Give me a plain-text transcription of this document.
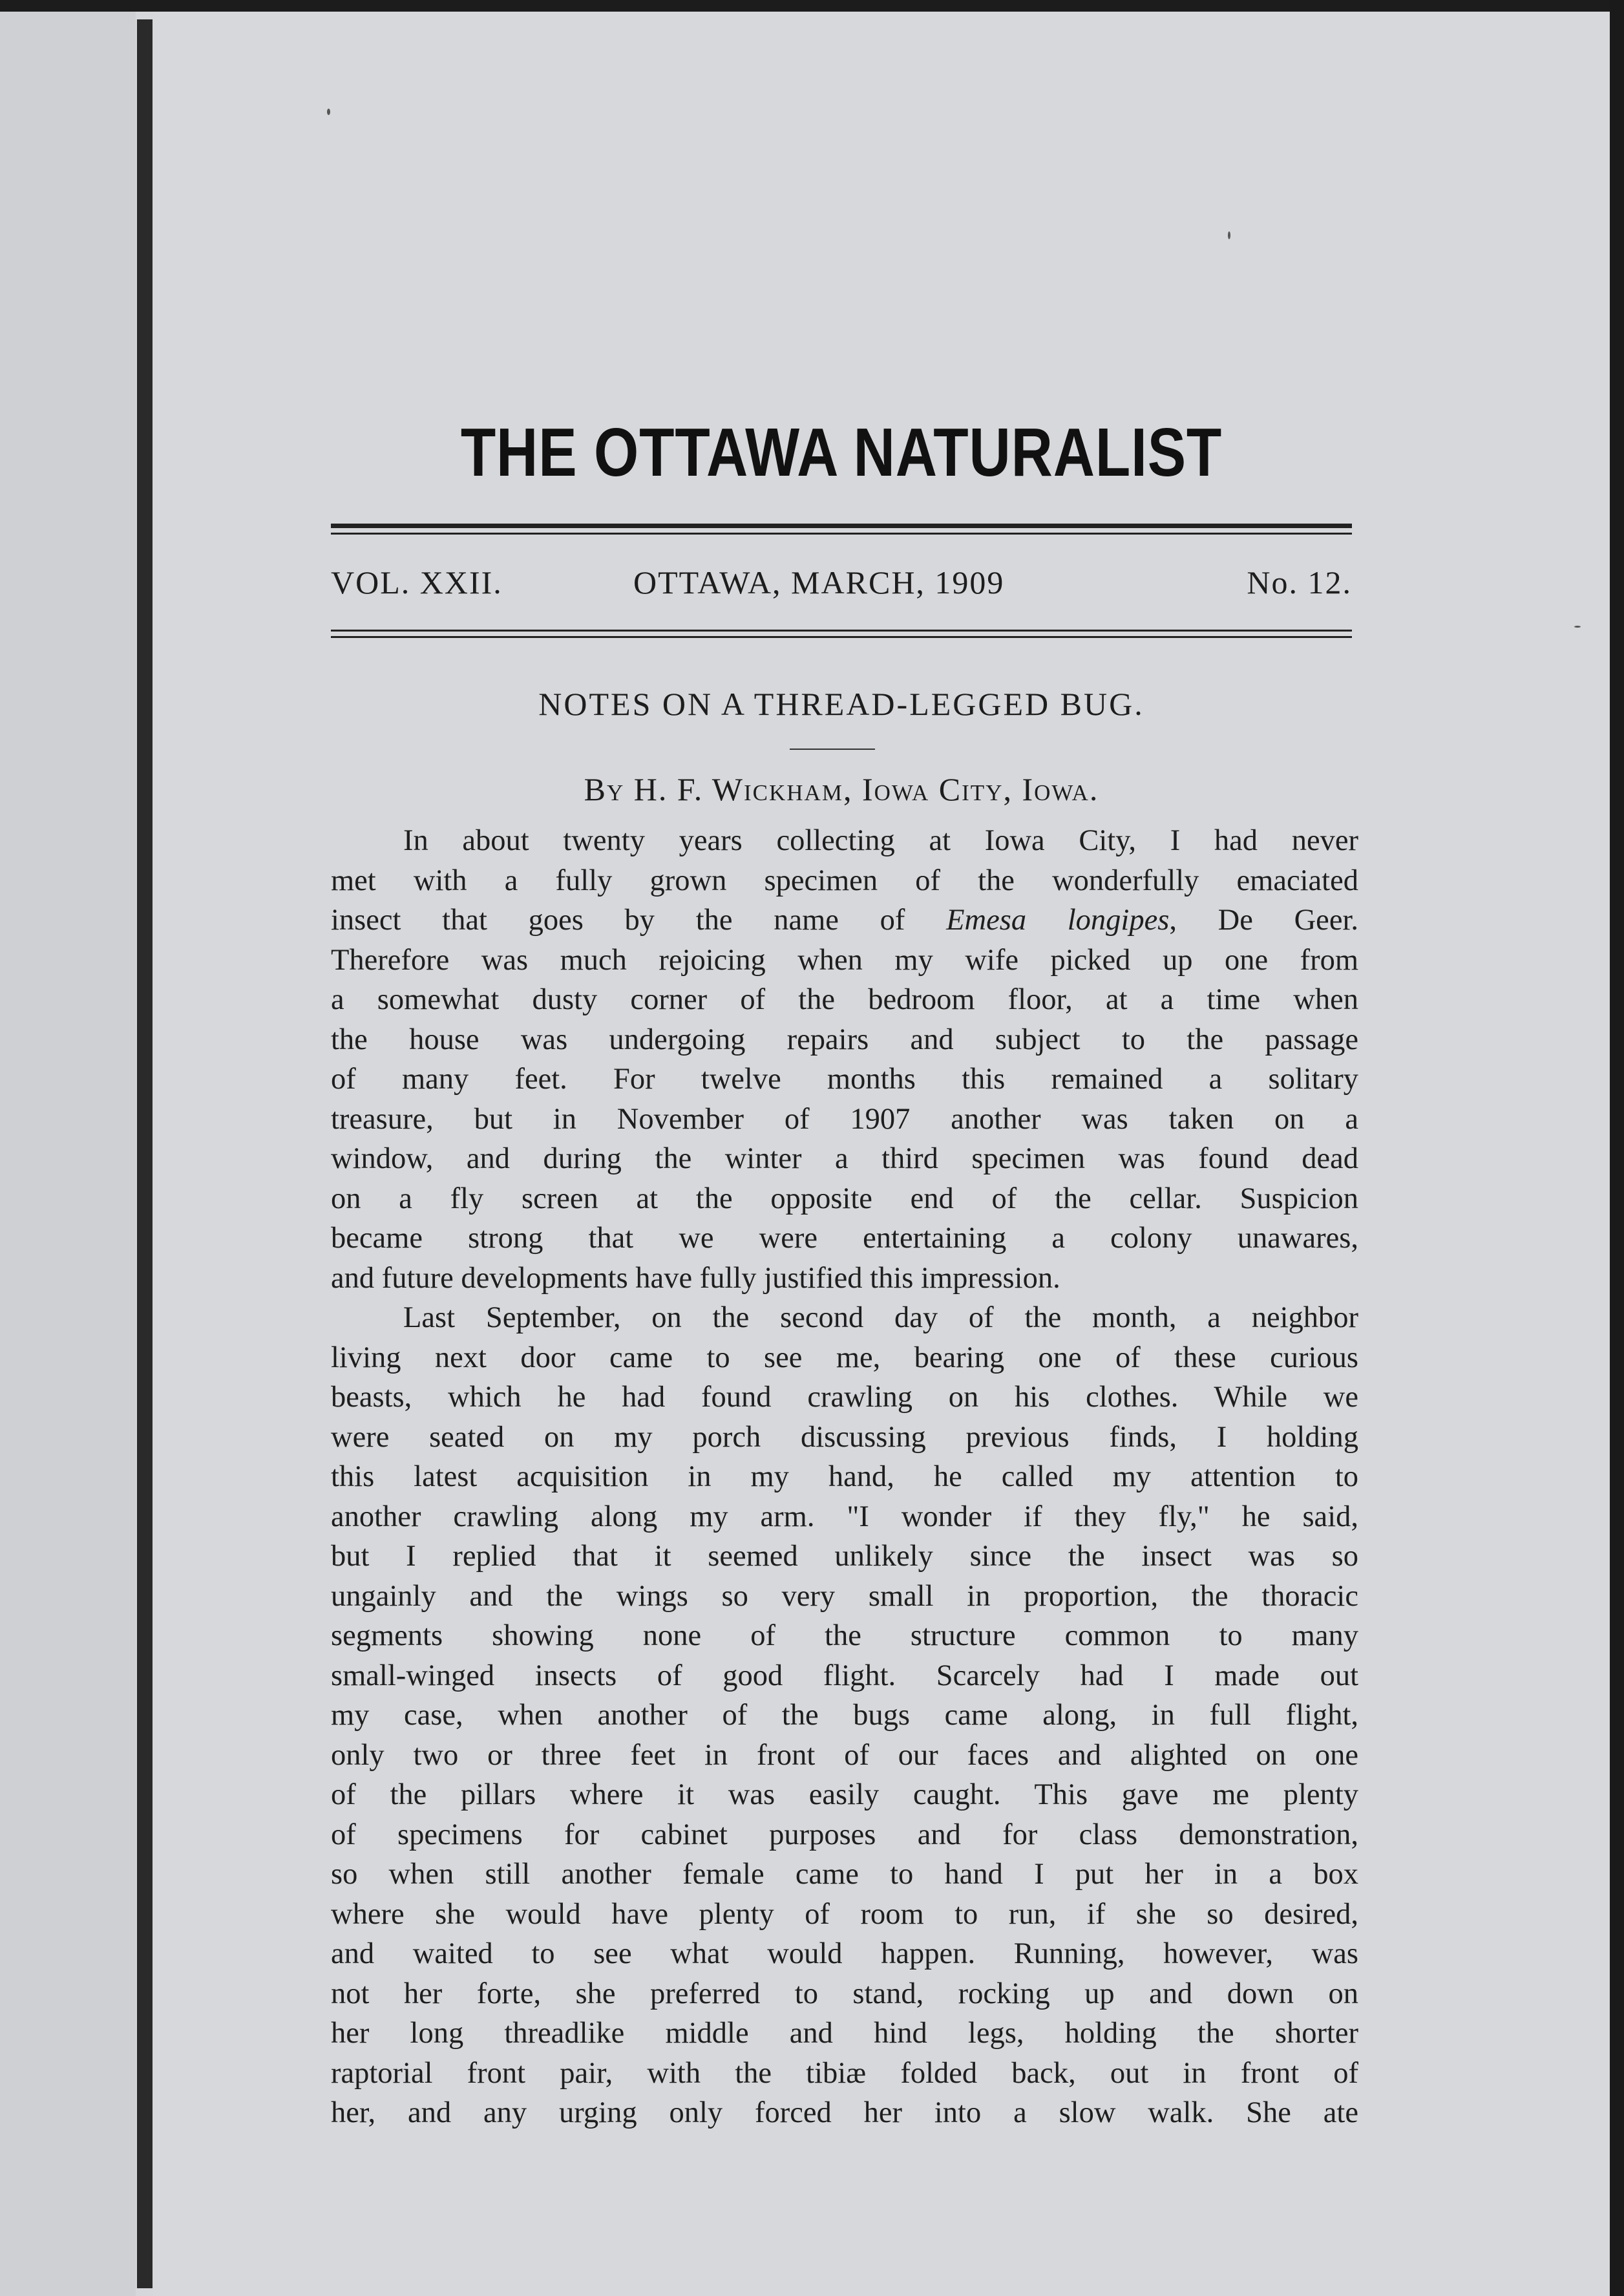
THE OTTAWA NATURALIST
VOL. XXII.	OTTAWA, MARCH, 1909	No. 12.
NOTES ON A THREAD-LEGGED BUG.
By H. F. Wickham, Iowa City, Iowa.
In about twenty years collecting at Iowa City, I had never
met with a fully grown specimen of the wonderfully emaciated
insect that goes by the name of Emesa longipes, De Geer.
Therefore was much rejoicing when my wife picked up one from
a somewhat dusty corner of the bedroom floor, at a time when
the house was undergoing repairs and subject to the passage
of many feet. For twelve months this remained a solitary
treasure, but in November of 1907 another was taken on a
window, and during the winter a third specimen was found dead
on a fly screen at the opposite end of the cellar. Suspicion
became strong that we were entertaining a colony unawares,
and future developments have fully justified this impression.
Last September, on the second day of the month, a neighbor
living next door came to see me, bearing one of these curious
beasts, which he had found crawling on his clothes. While we
were seated on my porch discussing previous finds, I holding
this latest acquisition in my hand, he called my attention to
another crawling along my arm. "I wonder if they fly," he said,
but I replied that it seemed unlikely since the insect was so
ungainly and the wings so very small in proportion, the thoracic
segments showing none of the structure common to many
small-winged insects of good flight. Scarcely had I made out
my case, when another of the bugs came along, in full flight,
only two or three feet in front of our faces and alighted on one
of the pillars where it was easily caught. This gave me plenty
of specimens for cabinet purposes and for class demonstration,
so when still another female came to hand I put her in a box
where she would have plenty of room to run, if she so desired,
and waited to see what would happen. Running, however, was
not her forte, she preferred to stand, rocking up and down on
her long threadlike middle and hind legs, holding the shorter
raptorial front pair, with the tibiæ folded back, out in front of
her, and any urging only forced her into a slow walk. She ate
